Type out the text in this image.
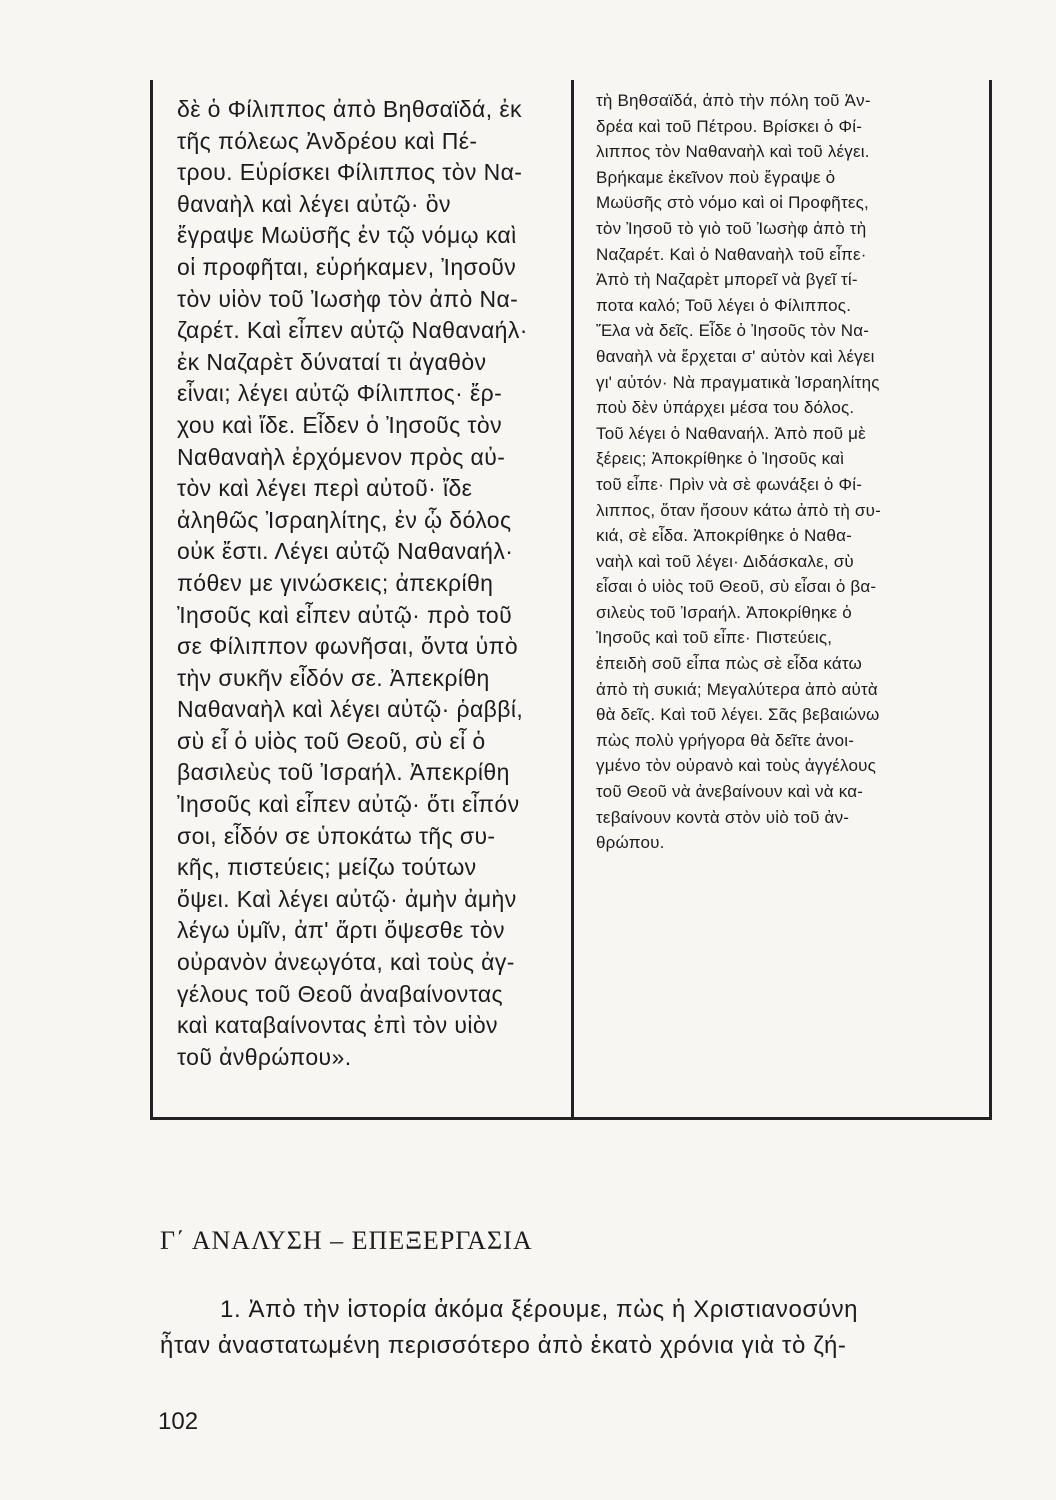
δὲ ὁ Φίλιππος ἀπὸ Βηθσαϊδά, ἐκ
τῆς πόλεως Ἀνδρέου καὶ Πέ-
τρου. Εὑρίσκει Φίλιππος τὸν Να-
θαναὴλ καὶ λέγει αὐτῷ· ὃν
ἔγραψε Μωϋσῆς ἐν τῷ νόμῳ καὶ
οἱ προφῆται, εὑρήκαμεν, Ἰησοῦν
τὸν υἱὸν τοῦ Ἰωσὴφ τὸν ἀπὸ Να-
ζαρέτ. Καὶ εἶπεν αὐτῷ Ναθαναήλ·
ἐκ Ναζαρὲτ δύναταί τι ἀγαθὸν
εἶναι; λέγει αὐτῷ Φίλιππος· ἔρ-
χου καὶ ἴδε. Εἶδεν ὁ Ἰησοῦς τὸν
Ναθαναὴλ ἐρχόμενον πρὸς αὐ-
τὸν καὶ λέγει περὶ αὐτοῦ· ἴδε
ἀληθῶς Ἰσραηλίτης, ἐν ᾧ δόλος
οὐκ ἔστι. Λέγει αὐτῷ Ναθαναήλ·
πόθεν με γινώσκεις; ἀπεκρίθη
Ἰησοῦς καὶ εἶπεν αὐτῷ· πρὸ τοῦ
σε Φίλιππον φωνῆσαι, ὄντα ὑπὸ
τὴν συκῆν εἶδόν σε. Ἀπεκρίθη
Ναθαναὴλ καὶ λέγει αὐτῷ· ῥαββί,
σὺ εἶ ὁ υἱὸς τοῦ Θεοῦ, σὺ εἶ ὁ
βασιλεὺς τοῦ Ἰσραήλ. Ἀπεκρίθη
Ἰησοῦς καὶ εἶπεν αὐτῷ· ὅτι εἶπόν
σοι, εἶδόν σε ὑποκάτω τῆς συ-
κῆς, πιστεύεις; μείζω τούτων
ὄψει. Καὶ λέγει αὐτῷ· ἀμὴν ἀμὴν
λέγω ὑμῖν, ἀπ' ἄρτι ὄψεσθε τὸν
οὐρανὸν ἀνεῳγότα, καὶ τοὺς ἀγ-
γέλους τοῦ Θεοῦ ἀναβαίνοντας
καὶ καταβαίνοντας ἐπὶ τὸν υἱὸν
τοῦ ἀνθρώπου».
τὴ Βηθσαϊδά, ἀπὸ τὴν πόλη τοῦ Ἀν-
δρέα καὶ τοῦ Πέτρου. Βρίσκει ὁ Φί-
λιππος τὸν Ναθαναὴλ καὶ τοῦ λέγει.
Βρήκαμε ἐκεῖνον ποὺ ἔγραψε ὁ
Μωϋσῆς στὸ νόμο καὶ οἱ Προφῆτες,
τὸν Ἰησοῦ τὸ γιὸ τοῦ Ἰωσὴφ ἀπὸ τὴ
Ναζαρέτ. Καὶ ὁ Ναθαναὴλ τοῦ εἶπε·
Ἀπὸ τὴ Ναζαρὲτ μπορεῖ νὰ βγεῖ τί-
ποτα καλό; Τοῦ λέγει ὁ Φίλιππος.
Ἔλα νὰ δεῖς. Εἶδε ὁ Ἰησοῦς τὸν Να-
θαναὴλ νὰ ἔρχεται σ' αὐτὸν καὶ λέγει
γι' αὐτόν· Νὰ πραγματικὰ Ἰσραηλίτης
ποὺ δὲν ὑπάρχει μέσα του δόλος.
Τοῦ λέγει ὁ Ναθαναήλ. Ἀπὸ ποῦ μὲ
ξέρεις; Ἀποκρίθηκε ὁ Ἰησοῦς καὶ
τοῦ εἶπε· Πρὶν νὰ σὲ φωνάξει ὁ Φί-
λιππος, ὅταν ἤσουν κάτω ἀπὸ τὴ συ-
κιά, σὲ εἶδα. Ἀποκρίθηκε ὁ Ναθα-
ναὴλ καὶ τοῦ λέγει· Διδάσκαλε, σὺ
εἶσαι ὁ υἱὸς τοῦ Θεοῦ, σὺ εἶσαι ὁ βα-
σιλεὺς τοῦ Ἰσραήλ. Ἀποκρίθηκε ὁ
Ἰησοῦς καὶ τοῦ εἶπε· Πιστεύεις,
ἐπειδὴ σοῦ εἶπα πὼς σὲ εἶδα κάτω
ἀπὸ τὴ συκιά; Μεγαλύτερα ἀπὸ αὐτὰ
θὰ δεῖς. Καὶ τοῦ λέγει. Σᾶς βεβαιώνω
πὼς πολὺ γρήγορα θὰ δεῖτε ἀνοι-
γμένο τὸν οὐρανὸ καὶ τοὺς ἀγγέλους
τοῦ Θεοῦ νὰ ἀνεβαίνουν καὶ νὰ κα-
τεβαίνουν κοντὰ στὸν υἱὸ τοῦ ἀν-
θρώπου.
Γ΄ ΑΝΑΛΥΣΗ – ΕΠΕΞΕΡΓΑΣΙΑ
1. Ἀπὸ τὴν ἱστορία ἀκόμα ξέρουμε, πὼς ἡ Χριστιανοσύνη
ἦταν ἀναστατωμένη περισσότερο ἀπὸ ἑκατὸ χρόνια γιὰ τὸ ζή-
102
